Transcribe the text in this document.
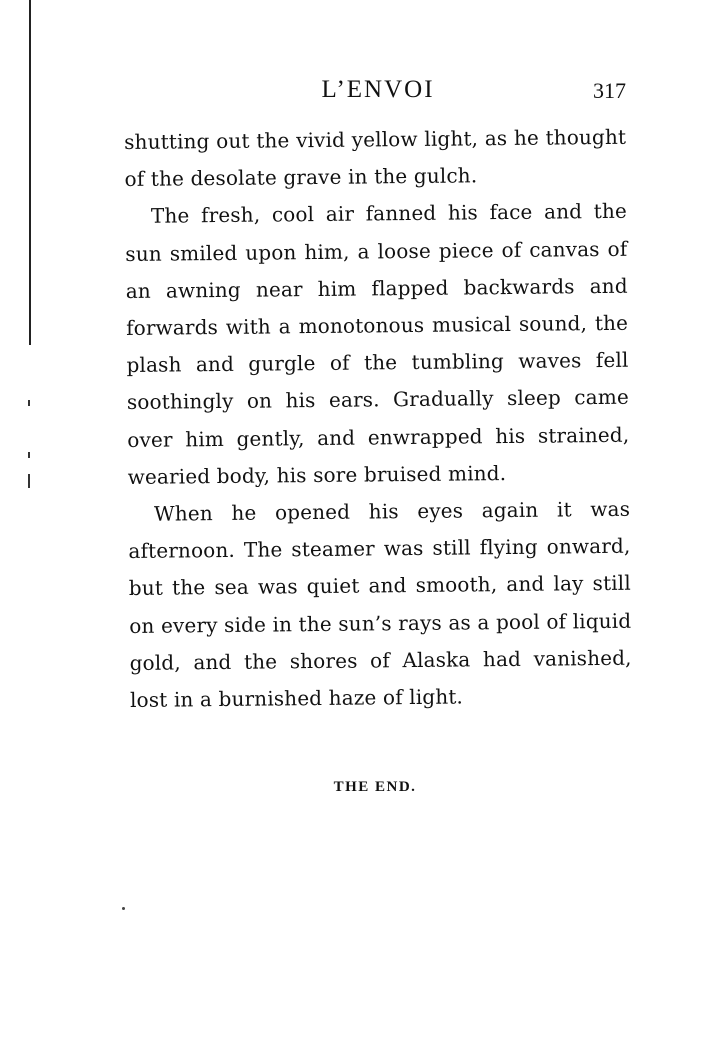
L’ENVOI	317

shutting out the vivid yellow light, as he thought of the desolate grave in the gulch.

The fresh, cool air fanned his face and the sun smiled upon him, a loose piece of canvas of an awning near him flapped backwards and forwards with a monotonous musical sound, the plash and gurgle of the tumbling waves fell soothingly on his ears. Gradually sleep came over him gently, and enwrapped his strained, wearied body, his sore bruised mind.

When he opened his eyes again it was afternoon. The steamer was still flying onward, but the sea was quiet and smooth, and lay still on every side in the sun’s rays as a pool of liquid gold, and the shores of Alaska had vanished, lost in a burnished haze of light.

THE END.
